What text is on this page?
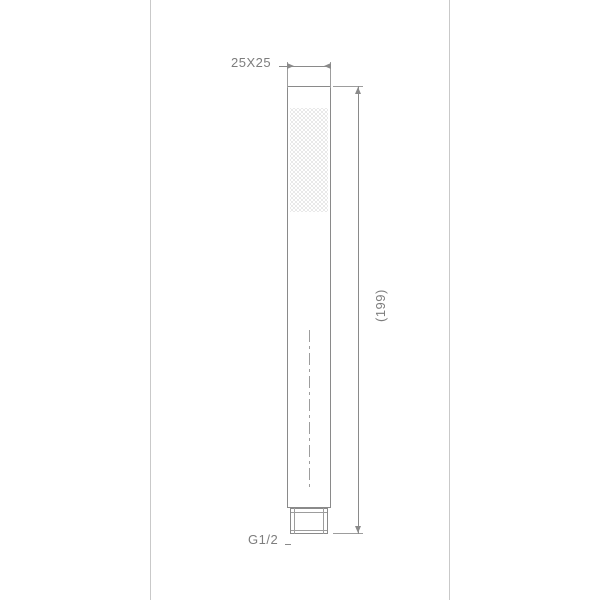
25X25
(199)
G1/2
